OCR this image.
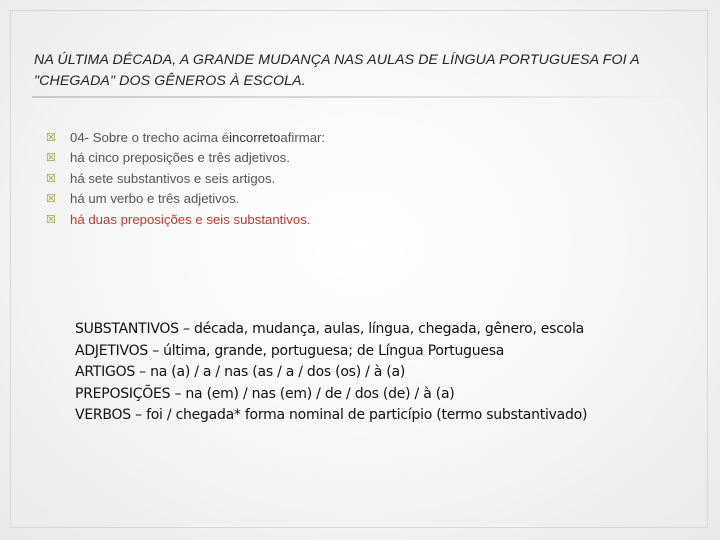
NA ÚLTIMA DÉCADA, A GRANDE MUDANÇA NAS AULAS DE LÍNGUA PORTUGUESA FOI A "CHEGADA" DOS GÊNEROS À ESCOLA.
☒	04- Sobre o trecho acima é incorreto afirmar:
☒	há cinco preposições e três adjetivos.
☒	há sete substantivos e seis artigos.
☒	há um verbo e três adjetivos.
☒	há duas preposições e seis substantivos.
SUBSTANTIVOS – década, mudança, aulas, língua, chegada, gênero, escola
ADJETIVOS – última, grande, portuguesa; de Língua Portuguesa
ARTIGOS – na (a) / a / nas (as / a / dos (os) / à (a)
PREPOSIÇÕES – na (em) / nas (em) / de / dos (de) / à (a)
VERBOS – foi / chegada* forma nominal de particípio (termo substantivado)
